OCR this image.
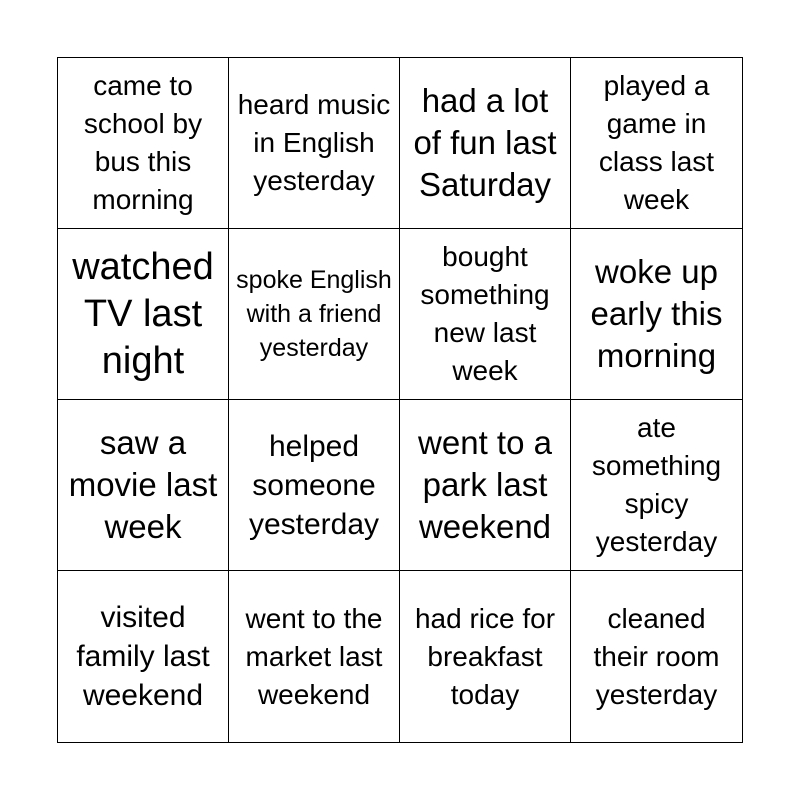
came to school by bus this morning
heard music in English yesterday
had a lot of fun last Saturday
played a game in class last week
watched TV last night
spoke English with a friend yesterday
bought something new last week
woke up early this morning
saw a movie last week
helped someone yesterday
went to a park last weekend
ate something spicy yesterday
visited family last weekend
went to the market last weekend
had rice for breakfast today
cleaned their room yesterday
